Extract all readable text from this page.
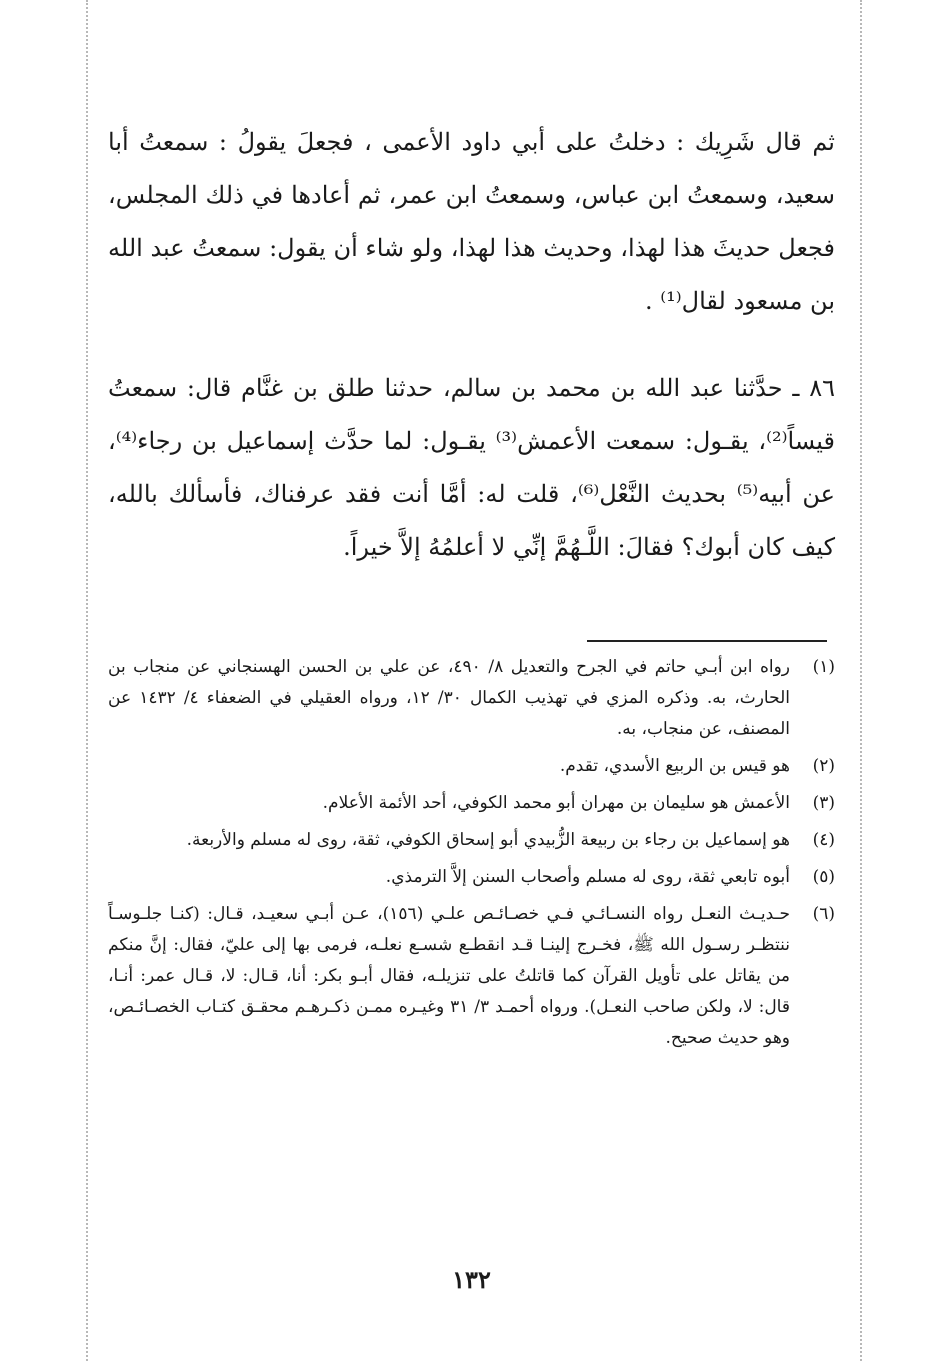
ثم قال شَرِيك : دخلتُ على أبي داود الأعمى ، فجعلَ يقولُ : سمعتُ أبا سعيد، وسمعتُ ابن عباس، وسمعتُ ابن عمر، ثم أعادها في ذلك المجلس، فجعل حديثَ هذا لهذا، وحديث هذا لهذا، ولو شاء أن يقول: سمعتُ عبد الله بن مسعود لقال⁽¹⁾ .

٨٦ ـ حدَّثنا عبد الله بن محمد بن سالم، حدثنا طلق بن غنَّام قال: سمعتُ قيساً⁽²⁾، يقـول: سمعت الأعمش⁽³⁾ يقـول: لما حدَّث إسماعيل بن رجاء⁽⁴⁾، عن أبيه⁽⁵⁾ بحديث النَّعْل⁽⁶⁾، قلت له: أمَّا أنت فقد عرفناك، فأسألك بالله، كيف كان أبوك؟ فقالَ: اللَّـهُمَّ إنِّي لا أعلمُهُ إلاَّ خيراً.

(١)
رواه ابن أبـي حاتم في الجرح والتعديل ٨/ ٤٩٠، عن علي بن الحسن الهسنجاني عن منجاب بن الحارث، به. وذكره المزي في تهذيب الكمال ٣٠/ ١٢، ورواه العقيلي في الضعفاء ٤/ ١٤٣٢ عن المصنف، عن منجاب، به.
(٢)
هو قيس بن الربيع الأسدي، تقدم.
(٣)
الأعمش هو سليمان بن مهران أبو محمد الكوفي، أحد الأئمة الأعلام.
(٤)
هو إسماعيل بن رجاء بن ربيعة الزُّبيدي أبو إسحاق الكوفي، ثقة، روى له مسلم والأربعة.
(٥)
أبوه تابعي ثقة، روى له مسلم وأصحاب السنن إلاَّ الترمذي.
(٦)
حـديـث النعـل رواه النسـائـي فـي خصـائـص علـي (١٥٦)، عـن أبـي سعيـد، قـال: (كنـا جلـوسـاً ننتظـر رسـول الله ﷺ، فخـرج إلينـا قـد انقطـع شسـع نعلـه، فرمى بها إلى عليّ، فقال: إنَّ منكم من يقاتل على تأويل القرآن كما قاتلتُ على تنزيلـه، فقال أبـو بكر: أنا، قـال: لا، قـال عمر: أنـا، قال: لا، ولكن صاحب النعـل). ورواه أحمـد ٣/ ٣١ وغيـره ممـن ذكـرهـم محقـق كتـاب الخصـائـص، وهو حديث صحيح.
١٣٢
